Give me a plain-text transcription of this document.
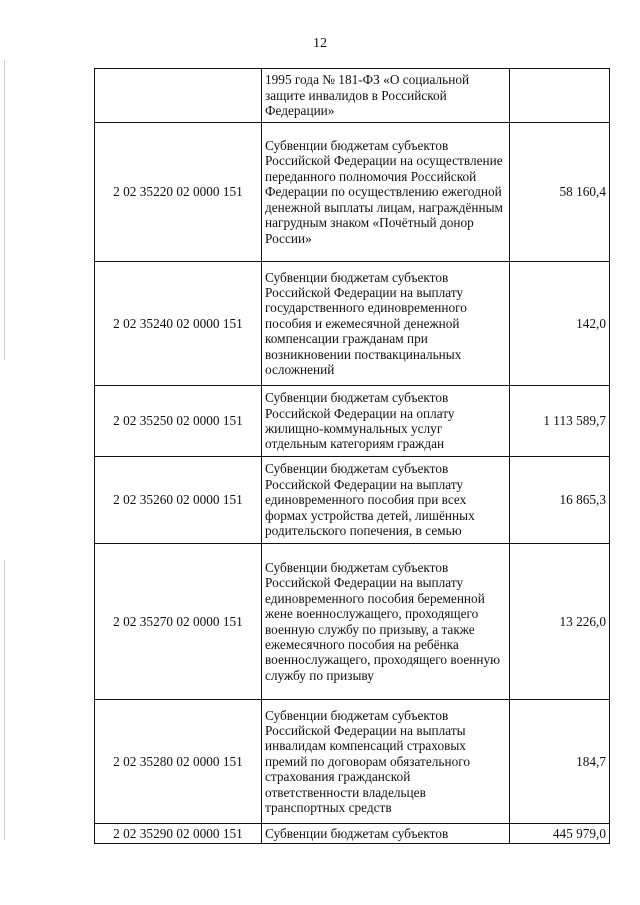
12
	1995 года № 181-ФЗ «О социальной защите инвалидов в Российской Федерации»	
2 02 35220 02 0000 151	Субвенции бюджетам субъектов Российской Федерации на осуществление переданного полномочия Российской Федерации по осуществлению ежегодной денежной выплаты лицам, награждённым нагрудным знаком «Почётный донор России»	58 160,4
2 02 35240 02 0000 151	Субвенции бюджетам субъектов Российской Федерации на выплату государственного единовременного пособия и ежемесячной денежной компенсации гражданам при возникновении поствакцинальных осложнений	142,0
2 02 35250 02 0000 151	Субвенции бюджетам субъектов Российской Федерации на оплату жилищно-коммунальных услуг отдельным категориям граждан	1 113 589,7
2 02 35260 02 0000 151	Субвенции бюджетам субъектов Российской Федерации на выплату единовременного пособия при всех формах устройства детей, лишённых родительского попечения, в семью	16 865,3
2 02 35270 02 0000 151	Субвенции бюджетам субъектов Российской Федерации на выплату единовременного пособия беременной жене военнослужащего, проходящего военную службу по призыву, а также ежемесячного пособия на ребёнка военнослужащего, проходящего военную службу по призыву	13 226,0
2 02 35280 02 0000 151	Субвенции бюджетам субъектов Российской Федерации на выплаты инвалидам компенсаций страховых премий по договорам обязательного страхования гражданской ответственности владельцев транспортных средств	184,7
2 02 35290 02 0000 151	Субвенции бюджетам субъектов	445 979,0
